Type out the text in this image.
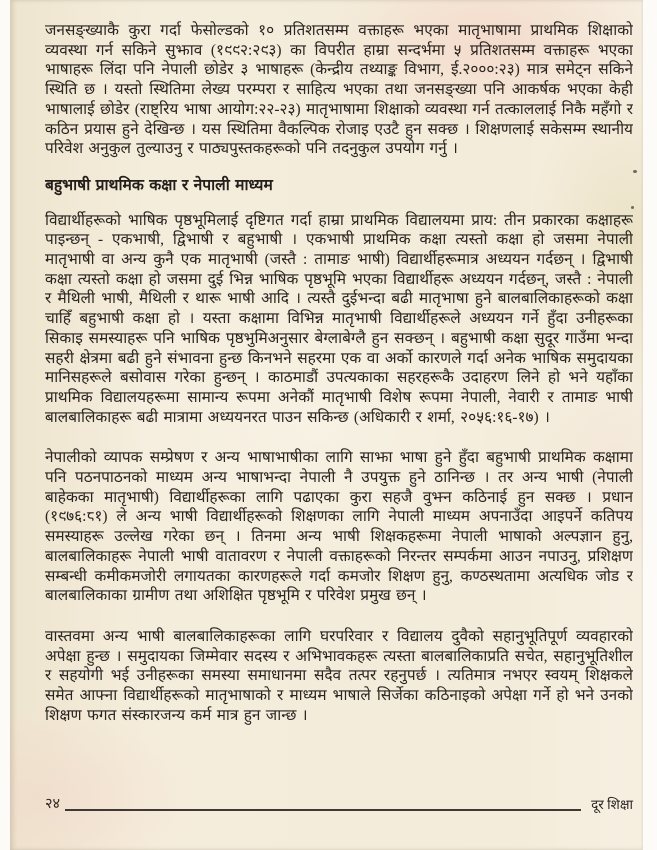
जनसङ्ख्याकै कुरा गर्दा फेसोल्डको १० प्रतिशतसम्म वक्ताहरू भएका मातृभाषामा प्राथमिक शिक्षाको व्यवस्था गर्न सकिने सुझाव (१९९२:२९३) का विपरीत हाम्रा सन्दर्भमा ५ प्रतिशतसम्म वक्ताहरू भएका भाषाहरू लिंदा पनि नेपाली छोडेर ३ भाषाहरू (केन्द्रीय तथ्याङ्क विभाग, ई.२०००:२३) मात्र समेट्न सकिने स्थिति छ । यस्तो स्थितिमा लेख्य परम्परा र साहित्य भएका तथा जनसङ्ख्या पनि आकर्षक भएका केही भाषालाई छोडेर (राष्ट्रिय भाषा आयोग:२२-२३) मातृभाषामा शिक्षाको व्यवस्था गर्न तत्काललाई निकै महँगो र कठिन प्रयास हुने देखिन्छ । यस स्थितिमा वैकल्पिक रोजाइ एउटै हुन सक्छ । शिक्षणलाई सकेसम्म स्थानीय परिवेश अनुकुल तुल्याउनु र पाठ्यपुस्तकहरूको पनि तदनुकुल उपयोग गर्नु ।

बहुभाषी प्राथमिक कक्षा र नेपाली माध्यम

विद्यार्थीहरूको भाषिक पृष्ठभूमिलाई दृष्टिगत गर्दा हाम्रा प्राथमिक विद्यालयमा प्राय: तीन प्रकारका कक्षाहरू पाइन्छन् - एकभाषी, द्विभाषी र बहुभाषी । एकभाषी प्राथमिक कक्षा त्यस्तो कक्षा हो जसमा नेपाली मातृभाषी वा अन्य कुनै एक मातृभाषी (जस्तै : तामाङ भाषी) विद्यार्थीहरूमात्र अध्ययन गर्दछन् । द्विभाषी कक्षा त्यस्तो कक्षा हो जसमा दुई भिन्न भाषिक पृष्ठभूमि भएका विद्यार्थीहरू अध्ययन गर्दछन्, जस्तै : नेपाली र मैथिली भाषी, मैथिली र थारू भाषी आदि । त्यस्तै दुईभन्दा बढी मातृभाषा हुने बालबालिकाहरूको कक्षा चाहिँ बहुभाषी कक्षा हो । यस्ता कक्षामा विभिन्न मातृभाषी विद्यार्थीहरूले अध्ययन गर्ने हुँदा उनीहरूका सिकाइ समस्याहरू पनि भाषिक पृष्ठभुमिअनुसार बेग्लाबेग्लै हुन सक्छन् । बहुभाषी कक्षा सुदूर गाउँमा भन्दा सहरी क्षेत्रमा बढी हुने संभावना हुन्छ किनभने सहरमा एक वा अर्को कारणले गर्दा अनेक भाषिक समुदायका मानिसहरूले बसोवास गरेका हुन्छन् । काठमाडौं उपत्यकाका सहरहरूकै उदाहरण लिने हो भने यहाँका प्राथमिक विद्यालयहरूमा सामान्य रूपमा अनेकौं मातृभाषी विशेष रूपमा नेपाली, नेवारी र तामाङ भाषी बालबालिकाहरू बढी मात्रामा अध्ययनरत पाउन सकिन्छ (अधिकारी र शर्मा, २०५६:१६-१७) ।

नेपालीको व्यापक सम्प्रेषण र अन्य भाषाभाषीका लागि साझा भाषा हुने हुँदा बहुभाषी प्राथमिक कक्षामा पनि पठनपाठनको माध्यम अन्य भाषाभन्दा नेपाली नै उपयुक्त हुने ठानिन्छ । तर अन्य भाषी (नेपाली बाहेकका मातृभाषी) विद्यार्थीहरूका लागि पढाएका कुरा सहजै वुझ्न कठिनाई हुन सक्छ । प्रधान (१९७६:८१) ले अन्य भाषी विद्यार्थीहरूको शिक्षणका लागि नेपाली माध्यम अपनाउँदा आइपर्ने कतिपय समस्याहरू उल्लेख गरेका छन् । तिनमा अन्य भाषी शिक्षकहरूमा नेपाली भाषाको अल्पज्ञान हुनु, बालबालिकाहरू नेपाली भाषी वातावरण र नेपाली वक्ताहरूको निरन्तर सम्पर्कमा आउन नपाउनु, प्रशिक्षण सम्बन्धी कमीकमजोरी लगायतका कारणहरूले गर्दा कमजोर शिक्षण हुनु, कण्ठस्थतामा अत्यधिक जोड र बालबालिकाका ग्रामीण तथा अशिक्षित पृष्ठभूमि र परिवेश प्रमुख छन् ।

वास्तवमा अन्य भाषी बालबालिकाहरूका लागि घरपरिवार र विद्यालय दुवैको सहानुभूतिपूर्ण व्यवहारको अपेक्षा हुन्छ । समुदायका जिम्मेवार सदस्य र अभिभावकहरू त्यस्ता बालबालिकाप्रति सचेत, सहानुभूतिशील र सहयोगी भई उनीहरूका समस्या समाधानमा सदैव तत्पर रहनुपर्छ । त्यतिमात्र नभएर स्वयम् शिक्षकले समेत आफ्ना विद्यार्थीहरूको मातृभाषाको र माध्यम भाषाले सिर्जेका कठिनाइको अपेक्षा गर्ने हो भने उनको शिक्षण फगत संस्कारजन्य कर्म मात्र हुन जान्छ ।

२४	दूर शिक्षा
